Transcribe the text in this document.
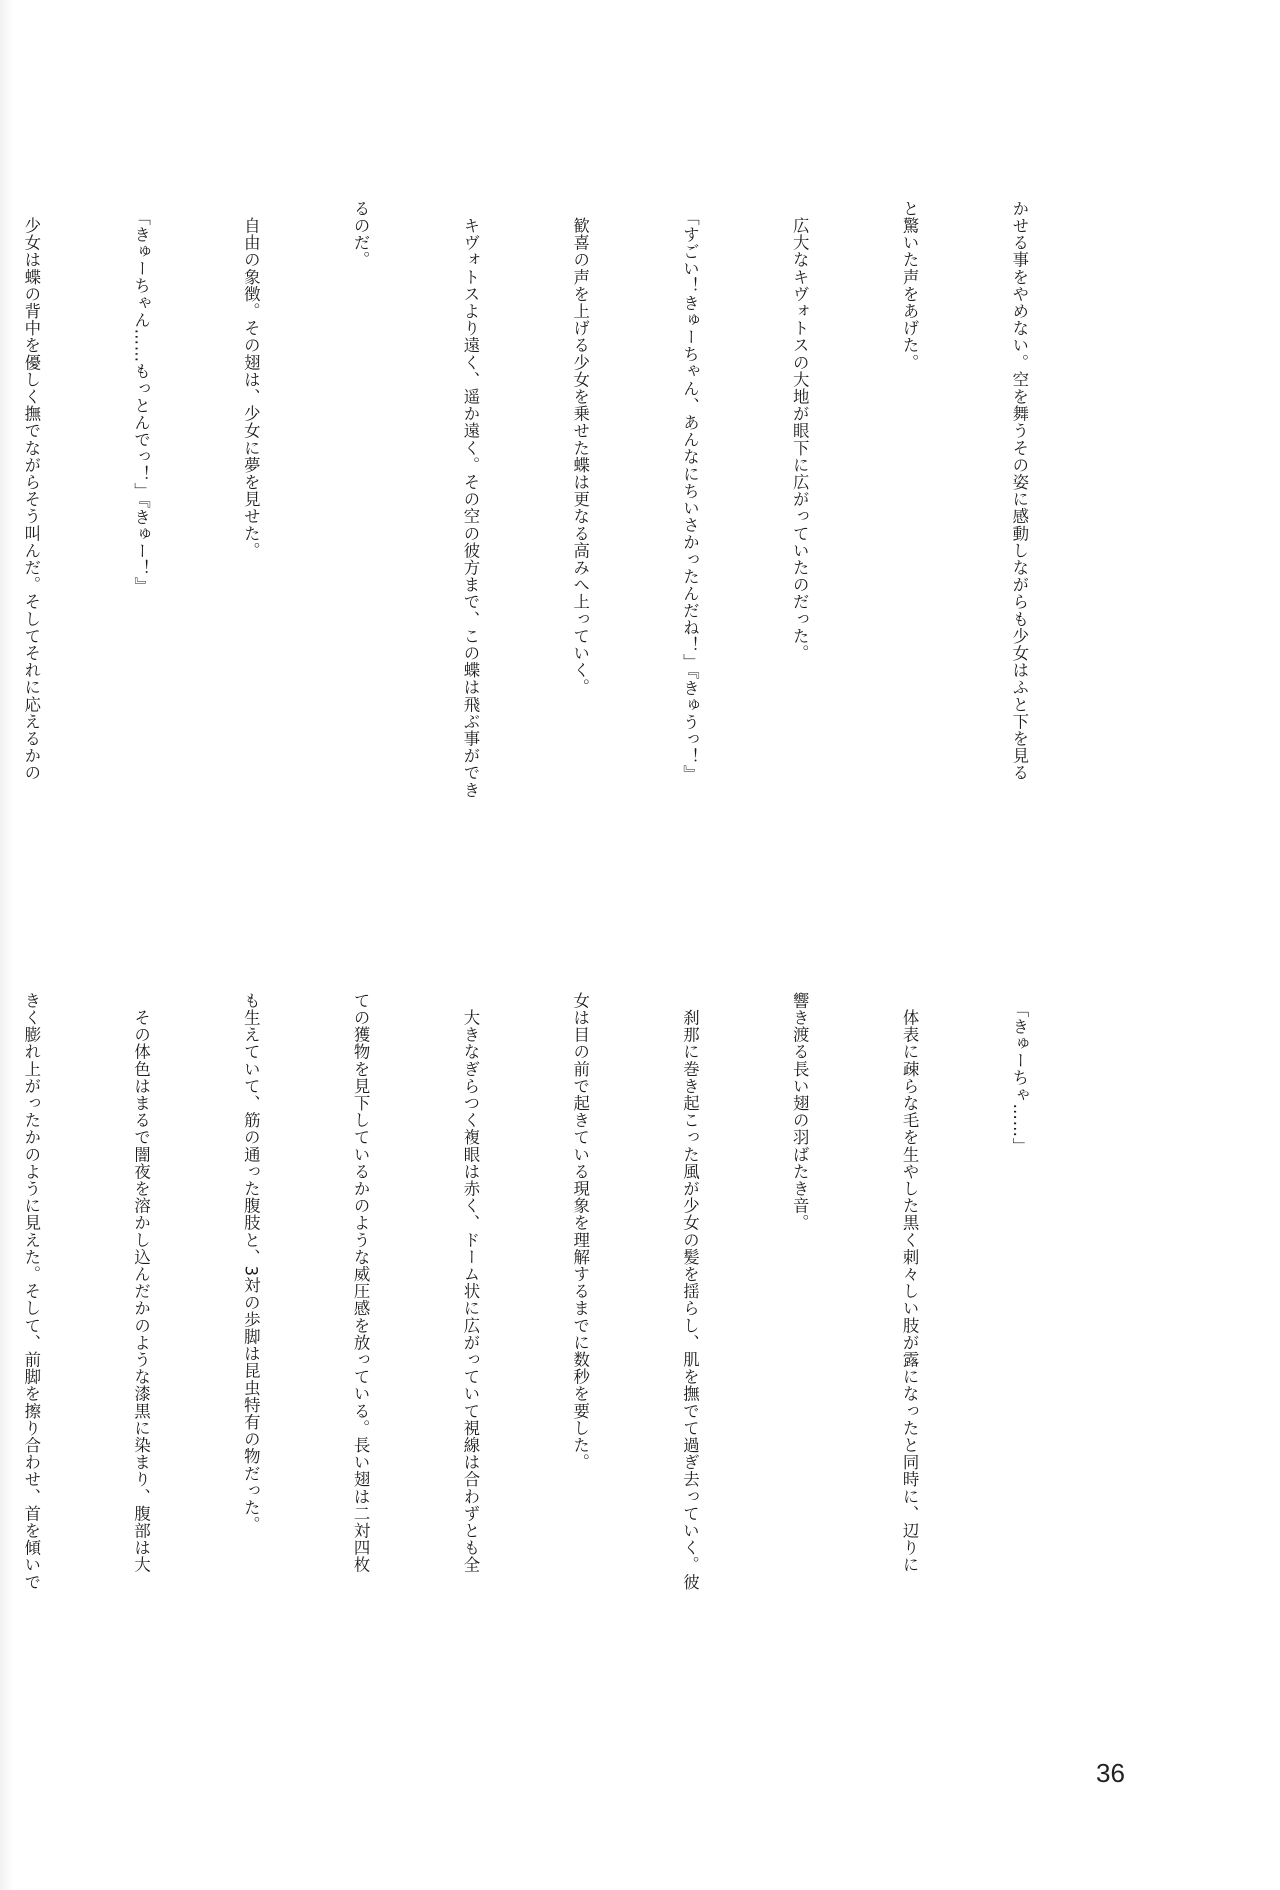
かせる事をやめない。空を舞うその姿に感動しながらも少女はふと下を見る

と驚いた声をあげた。

　広大なキヴォトスの大地が眼下に広がっていたのだった。

　「すごい！きゅーちゃん、あんなにちいさかったんだね！」『きゅうっ！』

　歓喜の声を上げる少女を乗せた蝶は更なる高みへ上っていく。

　キヴォトスより遠く、遥か遠く。その空の彼方まで、この蝶は飛ぶ事ができ

るのだ。

　自由の象徴。その翅は、少女に夢を見せた。

　「きゅーちゃん……もっとんでっ！」『きゅー！』

　少女は蝶の背中を優しく撫でながらそう叫んだ。そしてそれに応えるかの

　「きゅーちゃ……」

　体表に疎らな毛を生やした黒く刺々しい肢が露になったと同時に、辺りに

響き渡る長い翅の羽ばたき音。

　刹那に巻き起こった風が少女の髪を揺らし、肌を撫でて過ぎ去っていく。彼

女は目の前で起きている現象を理解するまでに数秒を要した。

　大きなぎらつく複眼は赤く、ドーム状に広がっていて視線は合わずとも全

ての獲物を見下しているかのような威圧感を放っている。長い翅は二対四枚

も生えていて、筋の通った腹肢と、3対の歩脚は昆虫特有の物だった。

　その体色はまるで闇夜を溶かし込んだかのような漆黒に染まり、腹部は大

きく膨れ上がったかのように見えた。そして、前脚を擦り合わせ、首を傾いで

36
